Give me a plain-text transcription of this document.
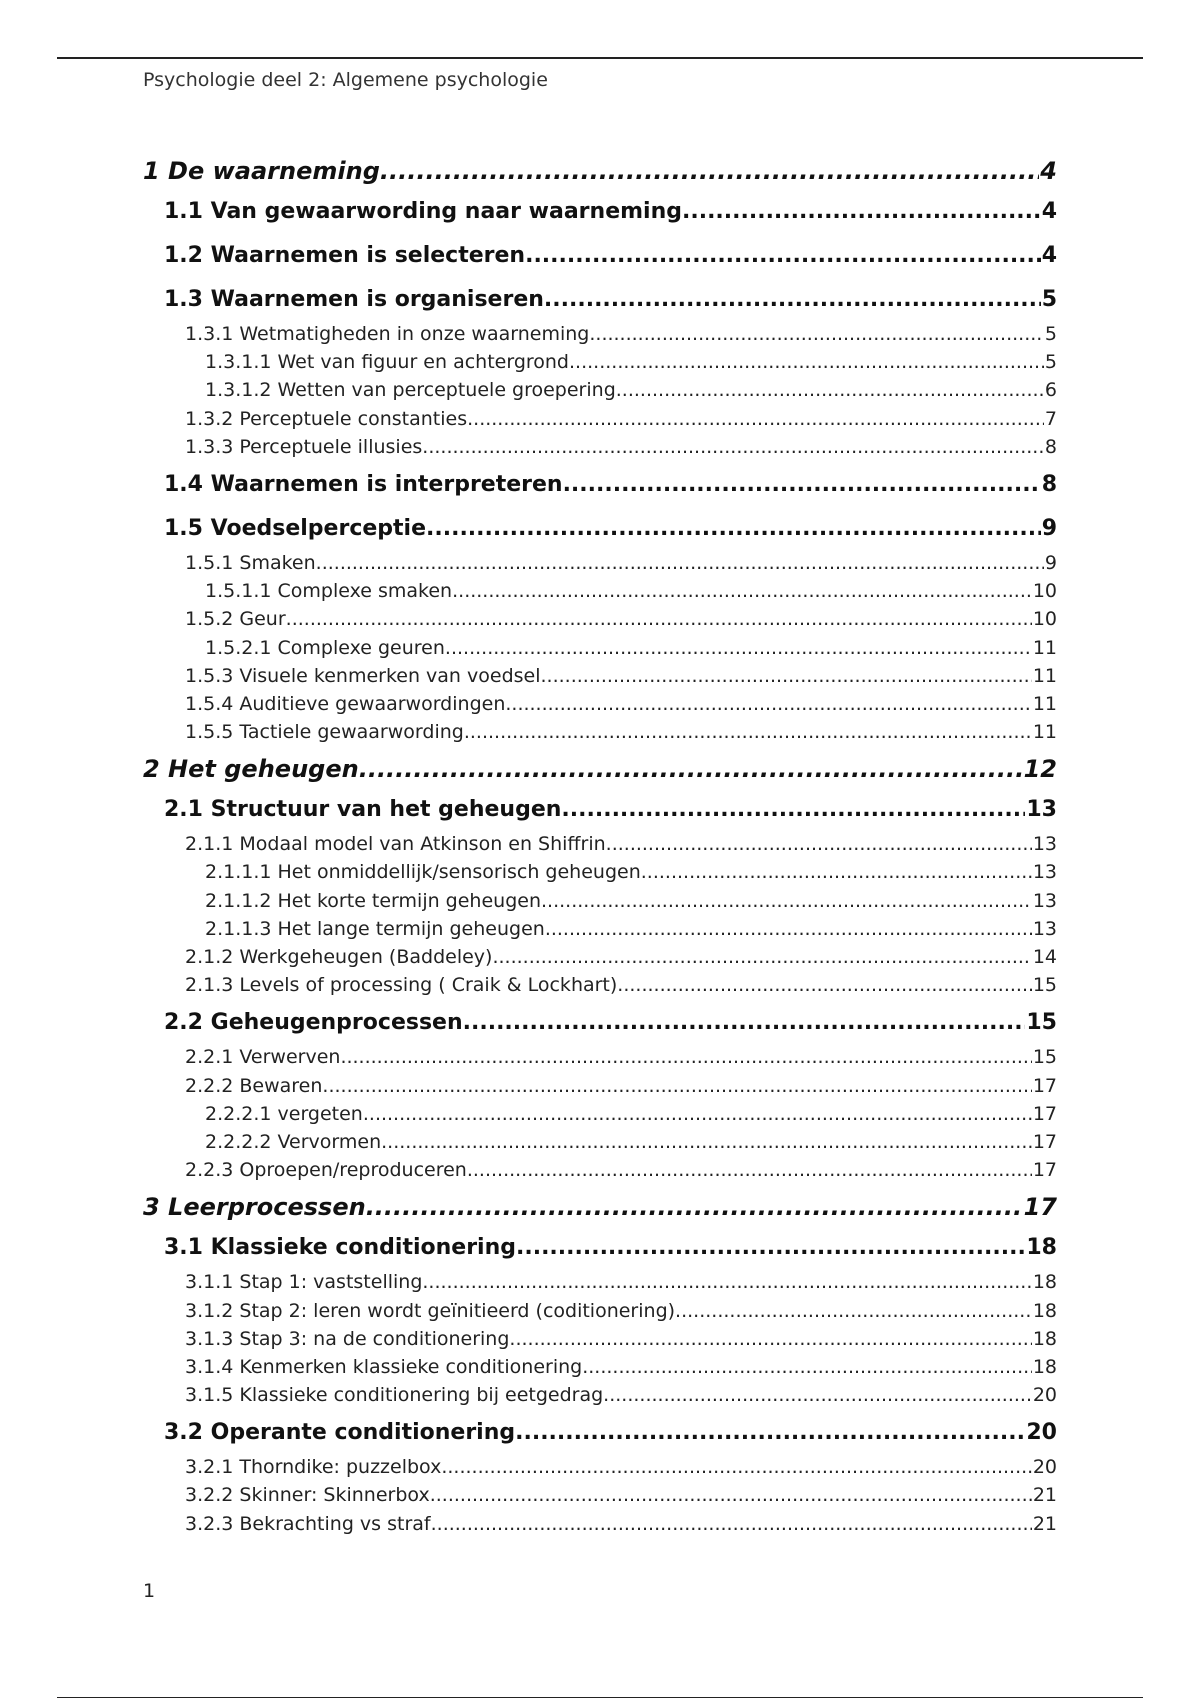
Psychologie deel 2: Algemene psychologie
1 De waarneming .....	4
1.1 Van gewaarwording naar waarneming .....	4
1.2 Waarnemen is selecteren .....	4
1.3 Waarnemen is organiseren .....	5
1.3.1 Wetmatigheden in onze waarneming .....	5
1.3.1.1 Wet van figuur en achtergrond .....	5
1.3.1.2 Wetten van perceptuele groepering .....	6
1.3.2 Perceptuele constanties .....	7
1.3.3 Perceptuele illusies .....	8
1.4 Waarnemen is interpreteren .....	8
1.5 Voedselperceptie .....	9
1.5.1 Smaken .....	9
1.5.1.1 Complexe smaken .....	10
1.5.2 Geur .....	10
1.5.2.1 Complexe geuren .....	11
1.5.3 Visuele kenmerken van voedsel .....	11
1.5.4 Auditieve gewaarwordingen .....	11
1.5.5 Tactiele gewaarwording .....	11
2 Het geheugen .....	12
2.1 Structuur van het geheugen .....	13
2.1.1 Modaal model van Atkinson en Shiffrin .....	13
2.1.1.1 Het onmiddellijk/sensorisch geheugen .....	13
2.1.1.2 Het korte termijn geheugen .....	13
2.1.1.3 Het lange termijn geheugen .....	13
2.1.2 Werkgeheugen (Baddeley) .....	14
2.1.3 Levels of processing ( Craik & Lockhart) .....	15
2.2 Geheugenprocessen .....	15
2.2.1 Verwerven .....	15
2.2.2 Bewaren .....	17
2.2.2.1 vergeten .....	17
2.2.2.2 Vervormen .....	17
2.2.3 Oproepen/reproduceren .....	17
3 Leerprocessen .....	17
3.1 Klassieke conditionering .....	18
3.1.1 Stap 1: vaststelling .....	18
3.1.2 Stap 2: leren wordt geïnitieerd (coditionering) .....	18
3.1.3 Stap 3: na de conditionering .....	18
3.1.4 Kenmerken klassieke conditionering .....	18
3.1.5 Klassieke conditionering bij eetgedrag .....	20
3.2 Operante conditionering .....	20
3.2.1 Thorndike: puzzelbox .....	20
3.2.2 Skinner: Skinnerbox .....	21
3.2.3 Bekrachting vs straf .....	21
1
